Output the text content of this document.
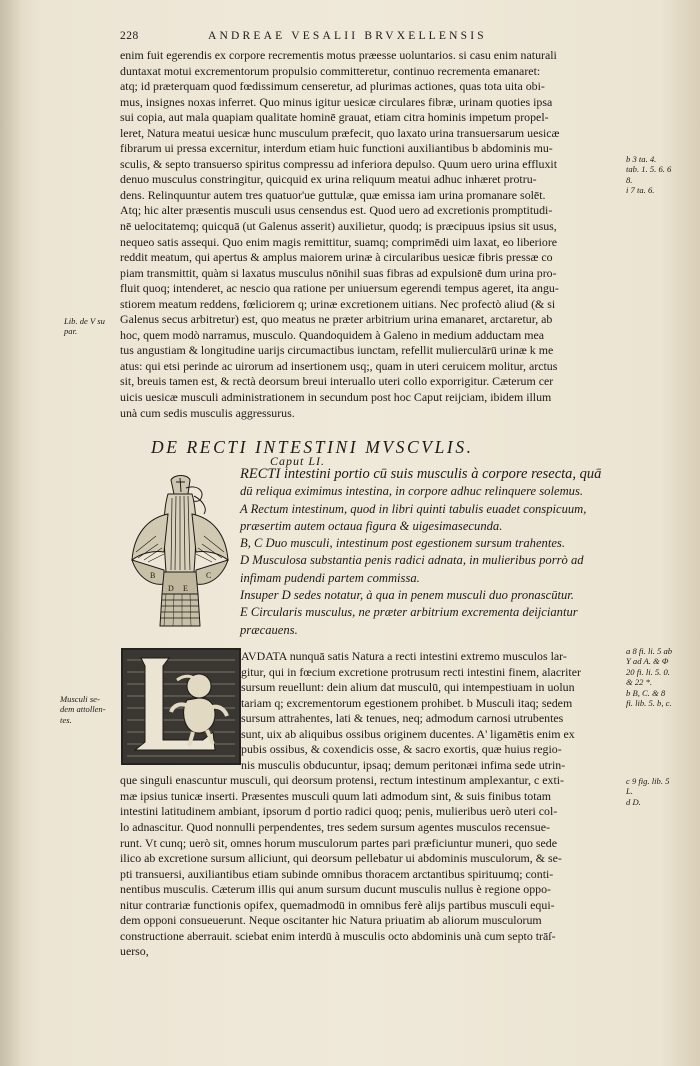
228	ANDREAE VESALII BRVXELLENSIS
enim fuit egerendis ex corpore recrementis motus præesse uoluntarios. si casu enim naturali
duntaxat motui excrementorum propulsio committeretur, continuo recrementa emanaret:
atq; id præterquam quod fœdissimum censeretur, ad plurimas actiones, quas tota uita obi-
mus, insignes noxas inferret. Quo minus igitur uesicæ circulares fibræ, urinam quoties ipsa
sui copia, aut mala quapiam qualitate hominē grauat, etiam citra hominis impetum propel-
leret, Natura meatui uesicæ hunc musculum præfecit, quo laxato urina transuersarum uesicæ
fibrarum ui pressa excernitur, interdum etiam huic functioni auxiliantibus b abdominis mu-
sculis, & septo transuerso spiritus compressu ad inferiora depulso. Quum uero urina effluxit
denuo musculus constringitur, quicquid ex urina reliquum meatui adhuc inhæret protru-
dens. Relinquuntur autem tres quatuor'ue guttulæ, quæ emissa iam urina promanare solēt.
Atq; hic alter præsentis musculi usus censendus est. Quod uero ad excretionis promptitudi-
nē uelocitatemq; quicquā (ut Galenus asserit) auxilietur, quodq; is præcipuus ipsius sit usus,
nequeo satis assequi. Quo enim magis remittitur, suamq; comprimēdi uim laxat, eo liberiore
reddit meatum, qui apertus & amplus maiorem urinæ à circularibus uesicæ fibris pressæ co
piam transmittit, quàm si laxatus musculus nōnihil suas fibras ad expulsionē dum urina pro-
fluit quoq; intenderet, ac nescio qua ratione per uniuersum egerendi tempus ageret, ita angu-
stiorem meatum reddens, fœliciorem q; urinæ excretionem uitians. Nec profectò aliud (& si
Galenus secus arbitretur) est, quo meatus ne præter arbitrium urina emanaret, arctaretur, ab
hoc, quem modò narramus, musculo. Quandoquidem à Galeno in medium adductam mea
tus angustiam & longitudine uarijs circumactibus iunctam, refellit mulierculārū urinæ k me
atus: qui etsi perinde ac uirorum ad insertionem usq;, quam in uteri ceruicem molitur, arctus
sit, breuis tamen est, & rectà deorsum breui interuallo uteri collo exporrigitur. Cæterum cer
uicis uesicæ musculi administrationem in secundum post hoc Caput reijciam, ibidem illum
unà cum sedis musculis aggressurus.
DE RECTI INTESTINI MVSCVLIS.
Caput LI.
RECTI intestini portio cū suis musculis à corpore resecta, quā
dū reliqua eximimus intestina, in corpore adhuc relinquere solemus.
A Rectum intestinum, quod in libri quinti tabulis euadet conspicuum,
præsertim autem octaua figura & uigesimasecunda.
B, C Duo musculi, intestinum post egestionem sursum trahentes.
D Musculosa substantia penis radici adnata, in mulieribus porrò ad
infimam pudendi partem commissa.
Insuper D sedes notatur, à qua in penem musculi duo pronascūtur.
E Circularis musculus, ne præter arbitrium excrementa deijciantur
præcauens.
B	C
D E
AVDATA nunquā satis Natura a recti intestini extremo musculos lar-
gitur, qui in fœcium excretione protrusum recti intestini finem, alacriter
sursum reuellunt: dein alium dat musculū, qui intempestiuam in uolun
tariam q; excrementorum egestionem prohibet. b Musculi itaq; sedem
sursum attrahentes, lati & tenues, neq; admodum carnosi utrubentes
sunt, uix ab aliquibus ossibus originem ducentes. A' ligamētis enim ex
pubis ossibus, & coxendicis osse, & sacro exortis, quæ huius regio-
nis musculis obducuntur, ipsaq; demum peritonæi infima sede utrin-
que singuli enascuntur musculi, qui deorsum protensi, rectum intestinum amplexantur, c exti-
mæ ipsius tunicæ inserti. Præsentes musculi quum lati admodum sint, & suis finibus totam
intestini latitudinem ambiant, ipsorum d portio radici quoq; penis, mulieribus uerò uteri col-
lo adnascitur. Quod nonnulli perpendentes, tres sedem sursum agentes musculos recensue-
runt. Vt cunq; uerò sit, omnes horum musculorum partes pari præficiuntur muneri, quo sede
ilico ab excretione sursum alliciunt, qui deorsum pellebatur ui abdominis musculorum, & se-
pti transuersi, auxiliantibus etiam subinde omnibus thoracem arctantibus spirituumq; conti-
nentibus musculis. Cæterum illis qui anum sursum ducunt musculis nullus è regione oppo-
nitur contrariæ functionis opifex, quemadmodū in omnibus ferè alijs partibus musculi equi-
dem opponi consueuerunt. Neque oscitanter hic Natura priuatim ab aliorum musculorum
constructione aberrauit. sciebat enim interdū à musculis octo abdominis unà cum septo trāſ-
uerso,
Lib. de V su
par.
Musculi se-
dem attollen-
tes.
b 3 ta. 4.
tab. 1. 5. 6. 6
8.
i 7 ta. 6.
a 8 fi. li. 5 ab
Y ad A. & Φ
20 fi. li. 5. 0.
& 22 *.
b B, C. & 8
fi. lib. 5. b, c.
c 9 fig. lib. 5
L.
d D.
